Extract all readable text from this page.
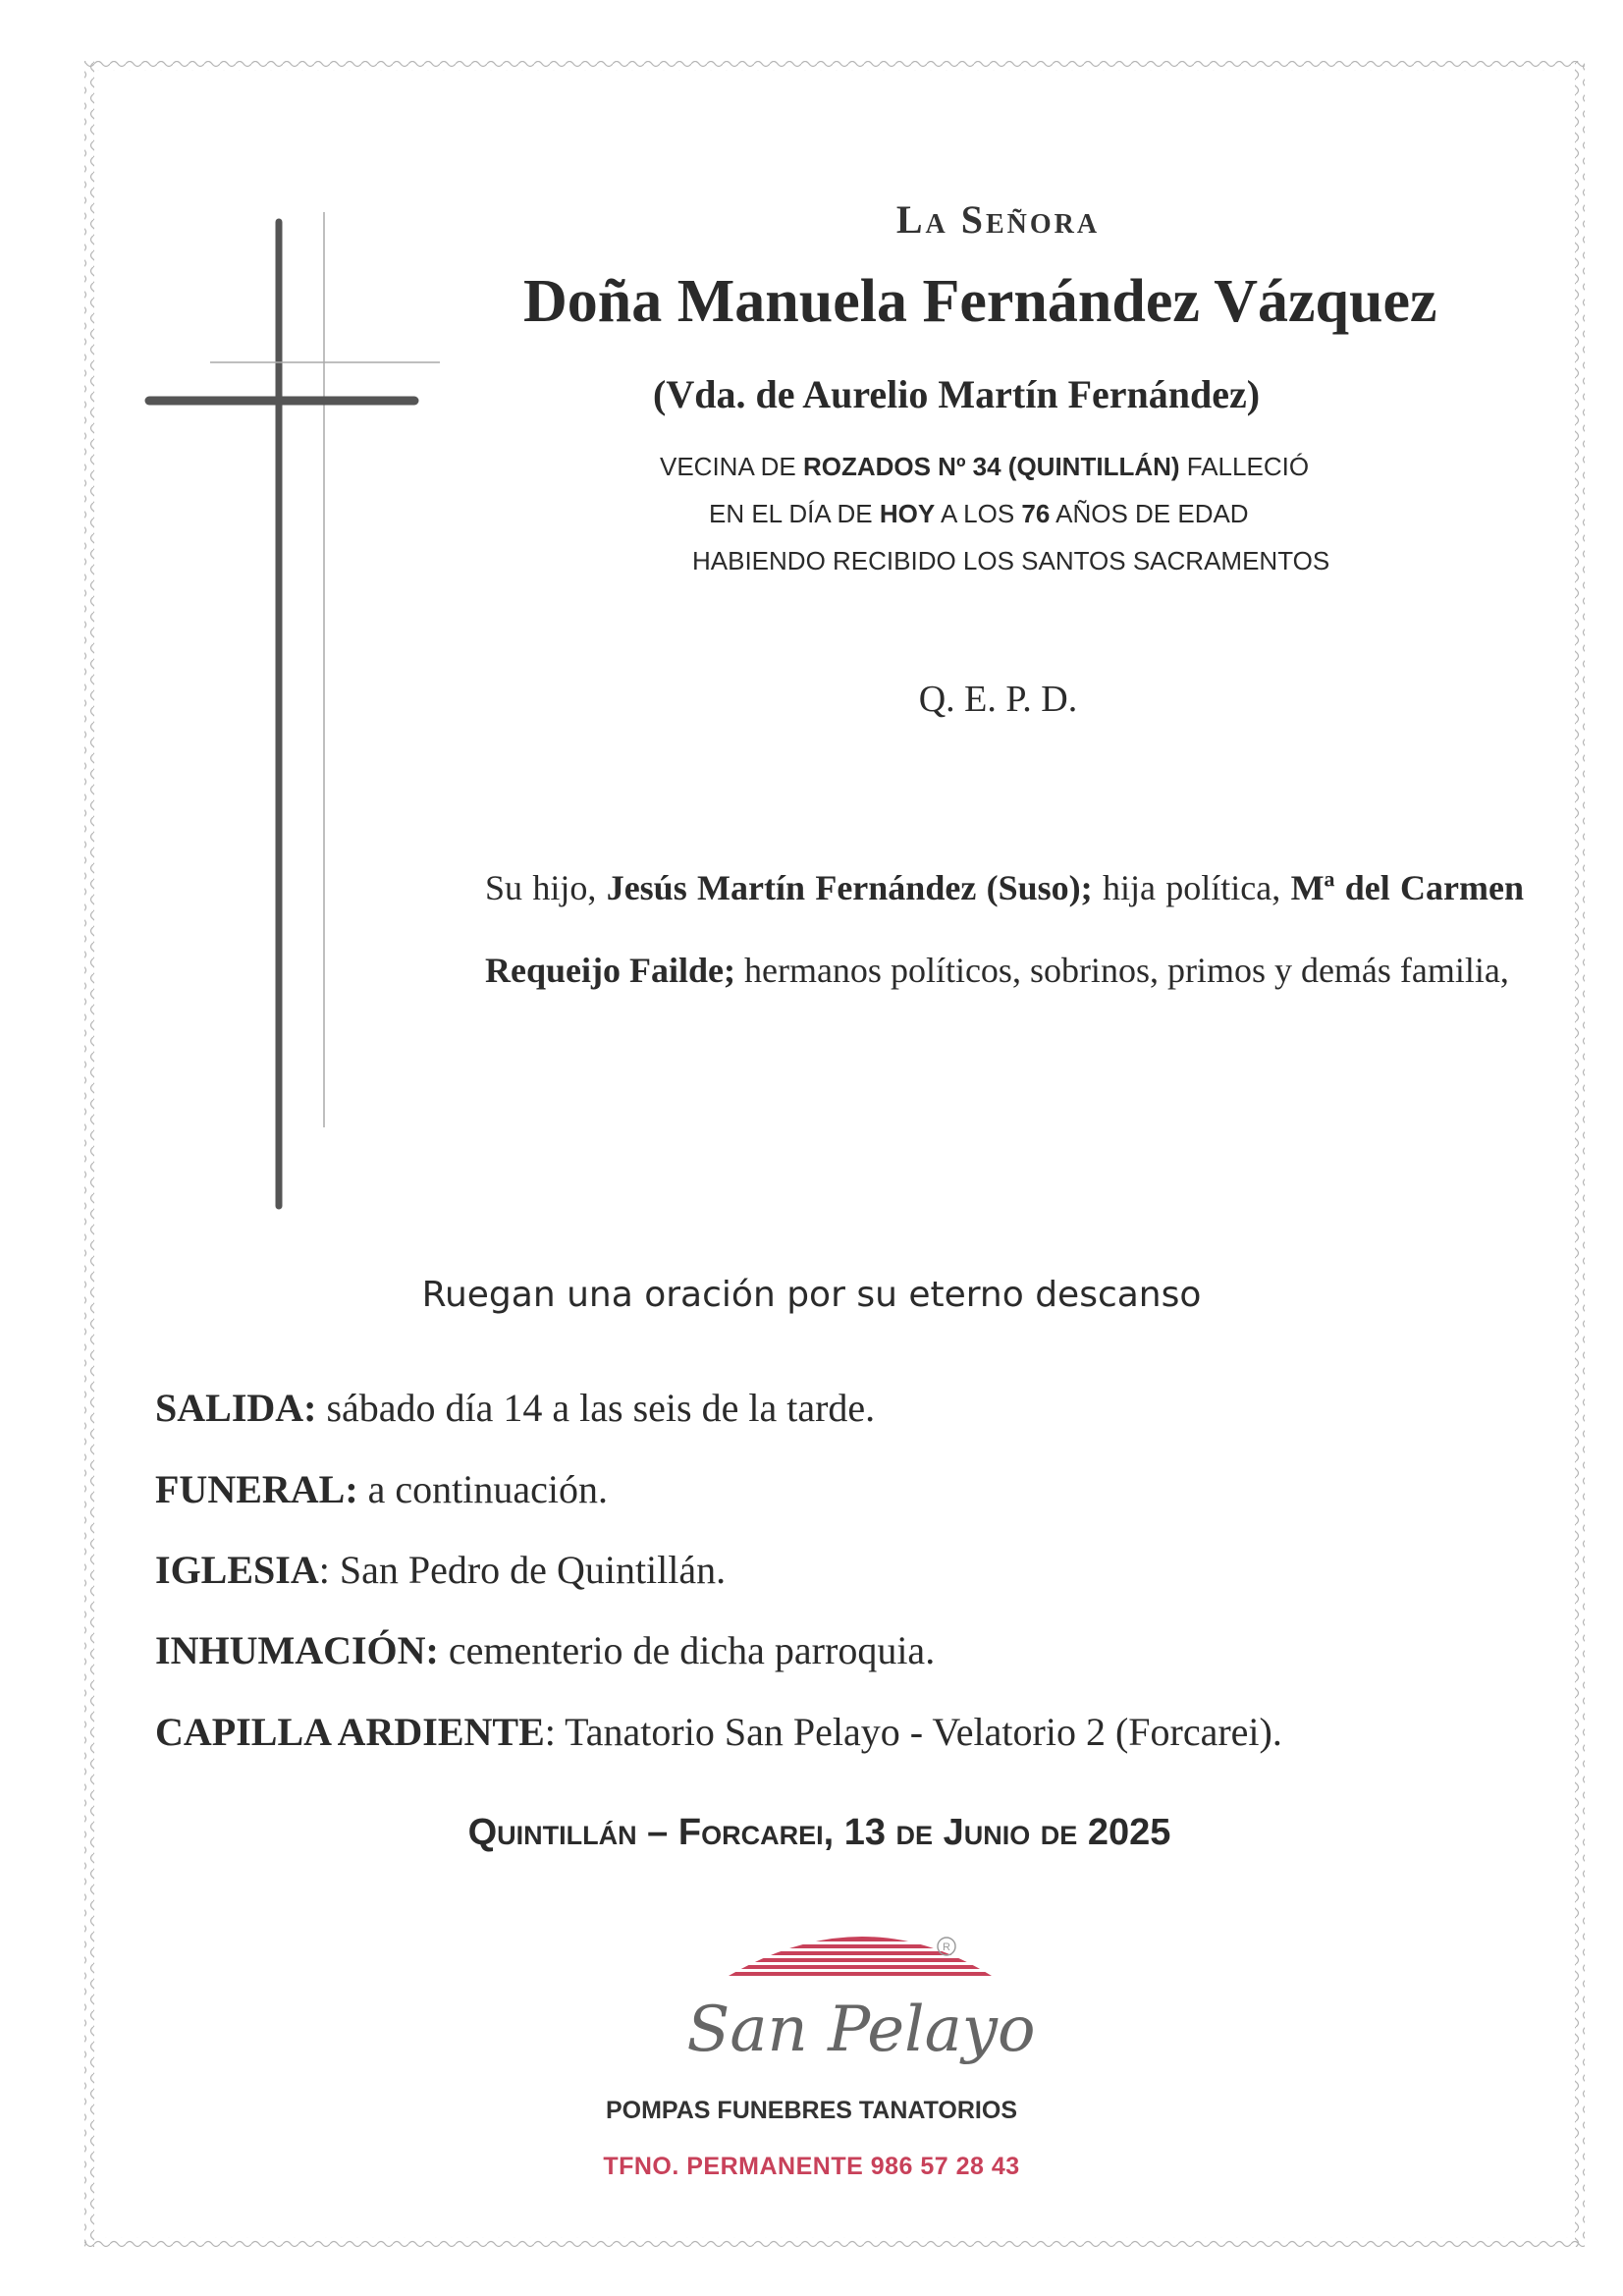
La Señora
Doña Manuela Fernández Vázquez
(Vda. de Aurelio Martín Fernández)
VECINA DE ROZADOS Nº 34 (QUINTILLÁN) FALLECIÓ
EN EL DÍA DE HOY A LOS 76 AÑOS DE EDAD
HABIENDO RECIBIDO LOS SANTOS SACRAMENTOS
Q. E. P. D.
Su hijo, Jesús Martín Fernández (Suso); hija política, Mª del Carmen Requeijo Failde; hermanos políticos, sobrinos, primos y demás familia,
Ruegan una oración por su eterno descanso
SALIDA: sábado día 14 a las seis de la tarde.
FUNERAL: a continuación.
IGLESIA: San Pedro de Quintillán.
INHUMACIÓN: cementerio de dicha parroquia.
CAPILLA ARDIENTE: Tanatorio San Pelayo - Velatorio 2 (Forcarei).
Quintillán – Forcarei, 13 de Junio de 2025
R
San Pelayo
POMPAS FUNEBRES TANATORIOS
TFNO. PERMANENTE 986 57 28 43
